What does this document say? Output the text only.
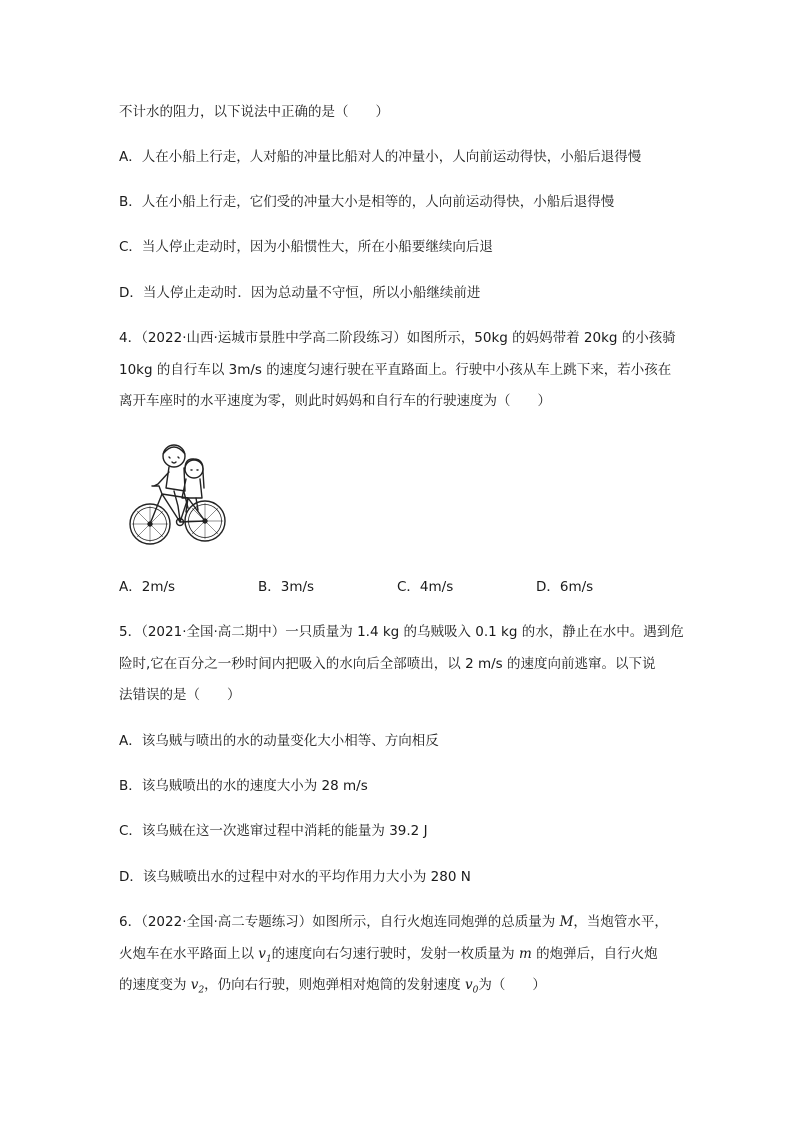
不计水的阻力，以下说法中正确的是（　　）
A．人在小船上行走，人对船的冲量比船对人的冲量小，人向前运动得快，小船后退得慢
B．人在小船上行走，它们受的冲量大小是相等的，人向前运动得快，小船后退得慢
C．当人停止走动时，因为小船惯性大，所在小船要继续向后退
D．当人停止走动时．因为总动量不守恒，所以小船继续前进
4．（2022·山西·运城市景胜中学高二阶段练习）如图所示，50kg 的妈妈带着 20kg 的小孩骑
10kg 的自行车以 3m/s 的速度匀速行驶在平直路面上。行驶中小孩从车上跳下来，若小孩在
离开车座时的水平速度为零，则此时妈妈和自行车的行驶速度为（　　）
A．2m/s	B．3m/s	C．4m/s	D．6m/s
5．（2021·全国·高二期中）一只质量为 1.4 kg 的乌贼吸入 0.1 kg 的水，静止在水中。遇到危
险时,它在百分之一秒时间内把吸入的水向后全部喷出，以 2 m/s 的速度向前逃窜。以下说
法错误的是（　　）
A．该乌贼与喷出的水的动量变化大小相等、方向相反
B．该乌贼喷出的水的速度大小为 28 m/s
C．该乌贼在这一次逃窜过程中消耗的能量为 39.2 J
D．该乌贼喷出水的过程中对水的平均作用力大小为 280 N
6．（2022·全国·高二专题练习）如图所示，自行火炮连同炮弹的总质量为 M，当炮管水平，
火炮车在水平路面上以 $v_1$的速度向右匀速行驶时，发射一枚质量为 m 的炮弹后，自行火炮
的速度变为 $v_2$，仍向右行驶，则炮弹相对炮筒的发射速度 $v_0$为（　　）
